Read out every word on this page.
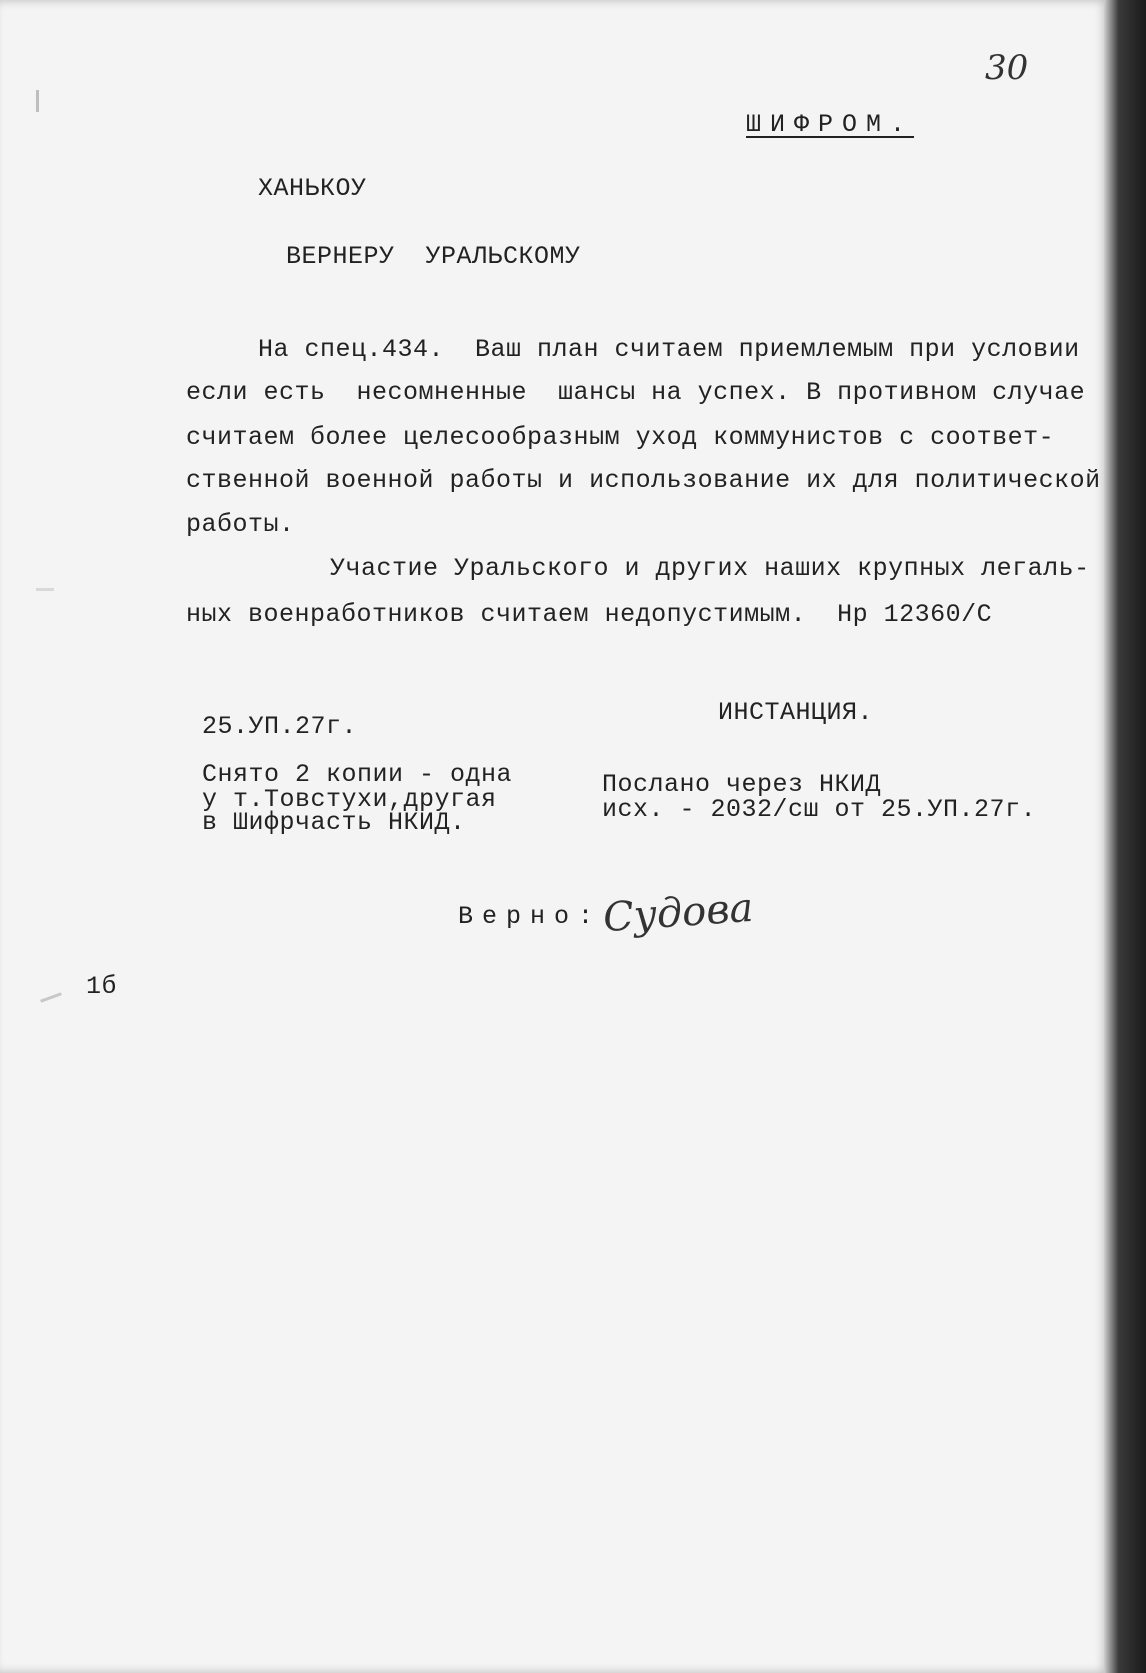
30
ШИФРОМ.
ХАНЬКОУ
ВЕРНЕРУ  УРАЛЬСКОМУ
На спец.434.  Ваш план считаем приемлемым при условии
если есть  несомненные  шансы на успех. В противном случае
считаем более целесообразным уход коммунистов с соответ-
ственной военной работы и использование их для политической
работы.
Участие Уральского и других наших крупных легаль-
ных военработников считаем недопустимым.  Нр 12360/С
25.УП.27г.	ИНСТАНЦИЯ.
Снято 2 копии - одна
у т.Товстухи,другая
в Шифрчасть НКИД.
Послано через НКИД
исх. - 2032/сш от 25.УП.27г.
Верно: Судова
1б
